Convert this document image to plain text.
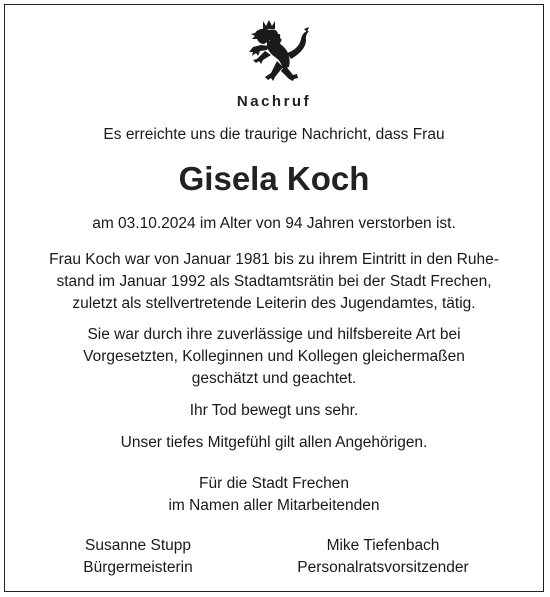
Nachruf
Es erreichte uns die traurige Nachricht, dass Frau
Gisela Koch
am 03.10.2024 im Alter von 94 Jahren verstorben ist.
Frau Koch war von Januar 1981 bis zu ihrem Eintritt in den Ruhe-
stand im Januar 1992 als Stadtamtsrätin bei der Stadt Frechen,
zuletzt als stellvertretende Leiterin des Jugendamtes, tätig.
Sie war durch ihre zuverlässige und hilfsbereite Art bei
Vorgesetzten, Kolleginnen und Kollegen gleichermaßen
geschätzt und geachtet.
Ihr Tod bewegt uns sehr.
Unser tiefes Mitgefühl gilt allen Angehörigen.
Für die Stadt Frechen
im Namen aller Mitarbeitenden
Susanne Stupp
Bürgermeisterin
Mike Tiefenbach
Personalratsvorsitzender
